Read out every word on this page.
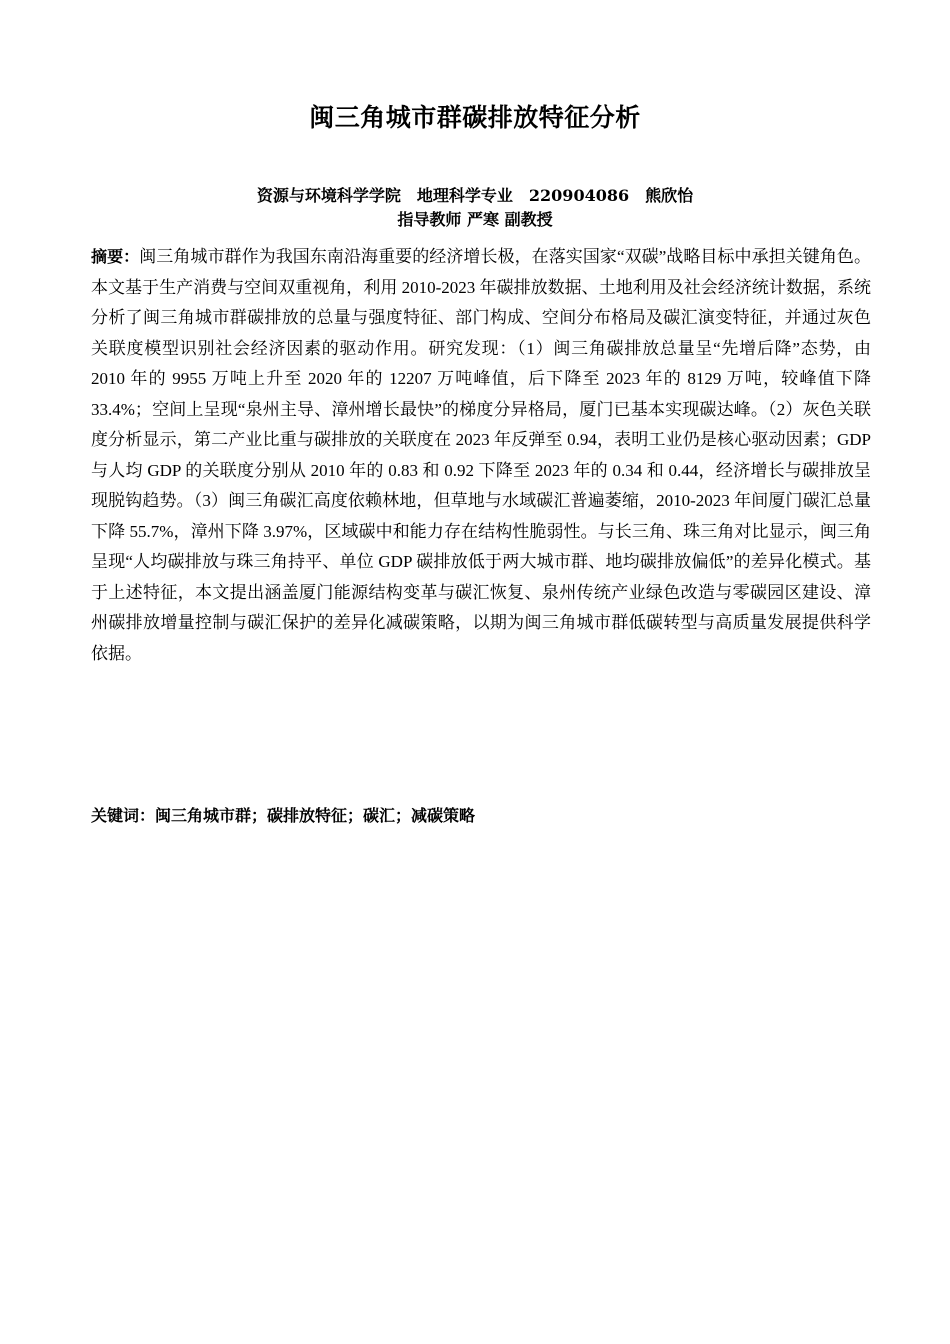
闽三角城市群碳排放特征分析
资源与环境科学学院 地理科学专业 220904086 熊欣怡
指导教师 严寒 副教授
摘要：闽三角城市群作为我国东南沿海重要的经济增长极，在落实国家“双碳”战略目标中承担关键角色。本文基于生产消费与空间双重视角，利用 2010-2023 年碳排放数据、土地利用及社会经济统计数据，系统分析了闽三角城市群碳排放的总量与强度特征、部门构成、空间分布格局及碳汇演变特征，并通过灰色关联度模型识别社会经济因素的驱动作用。研究发现：（1）闽三角碳排放总量呈“先增后降”态势，由 2010 年的 9955 万吨上升至 2020 年的 12207 万吨峰值，后下降至 2023 年的 8129 万吨，较峰值下降 33.4%；空间上呈现“泉州主导、漳州增长最快”的梯度分异格局，厦门已基本实现碳达峰。（2）灰色关联度分析显示，第二产业比重与碳排放的关联度在 2023 年反弹至 0.94，表明工业仍是核心驱动因素；GDP 与人均 GDP 的关联度分别从 2010 年的 0.83 和 0.92 下降至 2023 年的 0.34 和 0.44，经济增长与碳排放呈现脱钩趋势。（3）闽三角碳汇高度依赖林地，但草地与水域碳汇普遍萎缩，2010-2023 年间厦门碳汇总量下降 55.7%，漳州下降 3.97%，区域碳中和能力存在结构性脆弱性。与长三角、珠三角对比显示，闽三角呈现“人均碳排放与珠三角持平、单位 GDP 碳排放低于两大城市群、地均碳排放偏低”的差异化模式。基于上述特征，本文提出涵盖厦门能源结构变革与碳汇恢复、泉州传统产业绿色改造与零碳园区建设、漳州碳排放增量控制与碳汇保护的差异化减碳策略，以期为闽三角城市群低碳转型与高质量发展提供科学依据。
关键词：闽三角城市群；碳排放特征；碳汇；减碳策略
